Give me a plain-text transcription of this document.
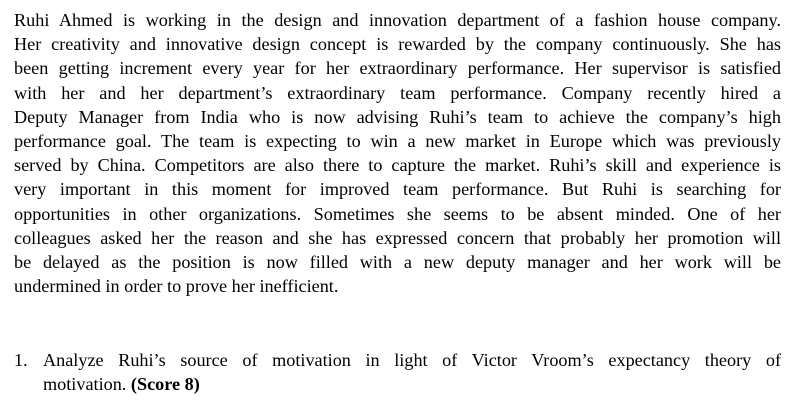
Ruhi Ahmed is working in the design and innovation department of a fashion house company.
Her creativity and innovative design concept is rewarded by the company continuously. She has
been getting increment every year for her extraordinary performance. Her supervisor is satisfied
with her and her department’s extraordinary team performance. Company recently hired a
Deputy Manager from India who is now advising Ruhi’s team to achieve the company’s high
performance goal. The team is expecting to win a new market in Europe which was previously
served by China. Competitors are also there to capture the market. Ruhi’s skill and experience is
very important in this moment for improved team performance. But Ruhi is searching for
opportunities in other organizations. Sometimes she seems to be absent minded. One of her
colleagues asked her the reason and she has expressed concern that probably her promotion will
be delayed as the position is now filled with a new deputy manager and her work will be
undermined in order to prove her inefficient.
1. Analyze Ruhi’s source of motivation in light of Victor Vroom’s expectancy theory of
motivation. (Score 8)
